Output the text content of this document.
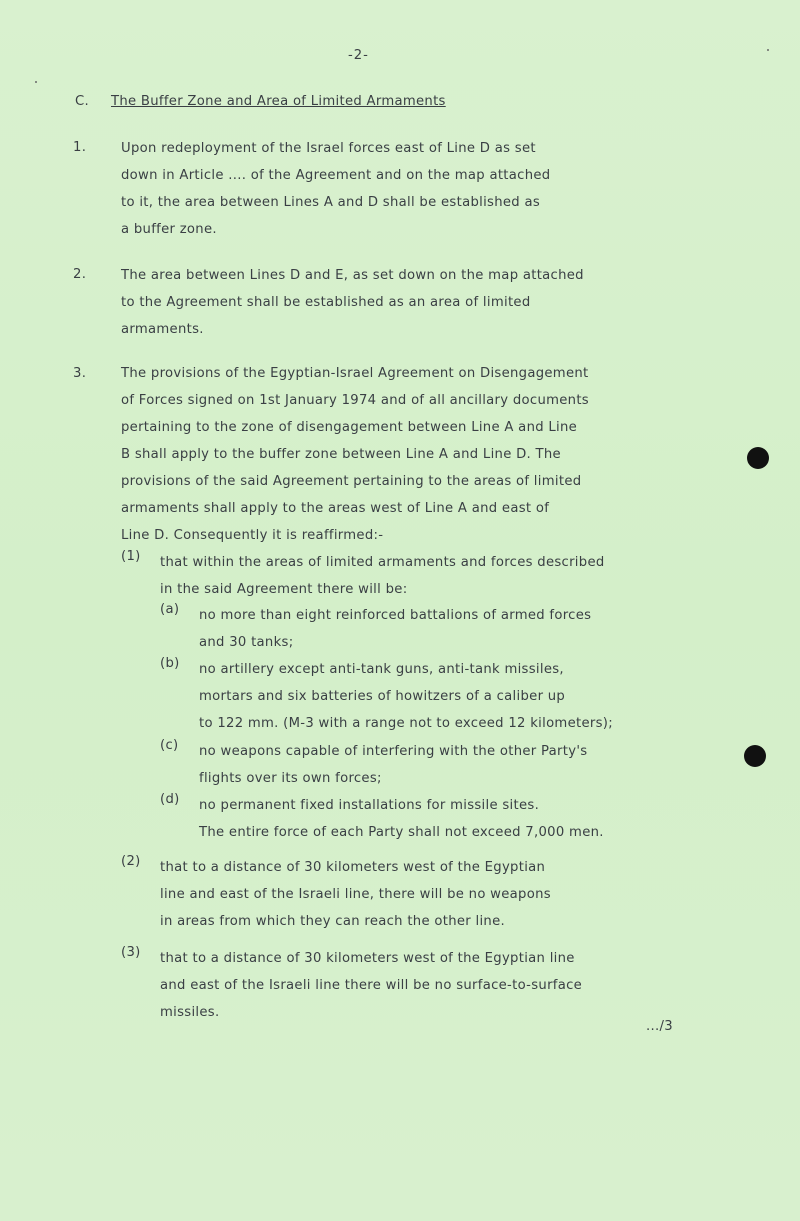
-2-
C. The Buffer Zone and Area of Limited Armaments
1.	Upon redeployment of the Israel forces east of Line D as set

down in Article .... of the Agreement and on the map attached

to it, the area between Lines A and D shall be established as

a buffer zone.

2.	The area between Lines D and E, as set down on the map attached

to the Agreement shall be established as an area of limited

armaments.

3.	The provisions of the Egyptian-Israel Agreement on Disengagement

of Forces signed on 1st January 1974 and of all ancillary documents

pertaining to the zone of disengagement between Line A and Line

B shall apply to the buffer zone between Line A and Line D. The

provisions of the said Agreement pertaining to the areas of limited

armaments shall apply to the areas west of Line A and east of

Line D. Consequently it is reaffirmed:-

(1) that within the areas of limited armaments and forces described

in the said Agreement there will be:

(a) no more than eight reinforced battalions of armed forces

and 30 tanks;

(b) no artillery except anti-tank guns, anti-tank missiles,

mortars and six batteries of howitzers of a caliber up

to 122 mm. (M-3 with a range not to exceed 12 kilometers);

(c) no weapons capable of interfering with the other Party's

flights over its own forces;

(d) no permanent fixed installations for missile sites.

The entire force of each Party shall not exceed 7,000 men.

(2) that to a distance of 30 kilometers west of the Egyptian

line and east of the Israeli line, there will be no weapons

in areas from which they can reach the other line.

(3) that to a distance of 30 kilometers west of the Egyptian line

and east of the Israeli line there will be no surface-to-surface

missiles.

.../3
